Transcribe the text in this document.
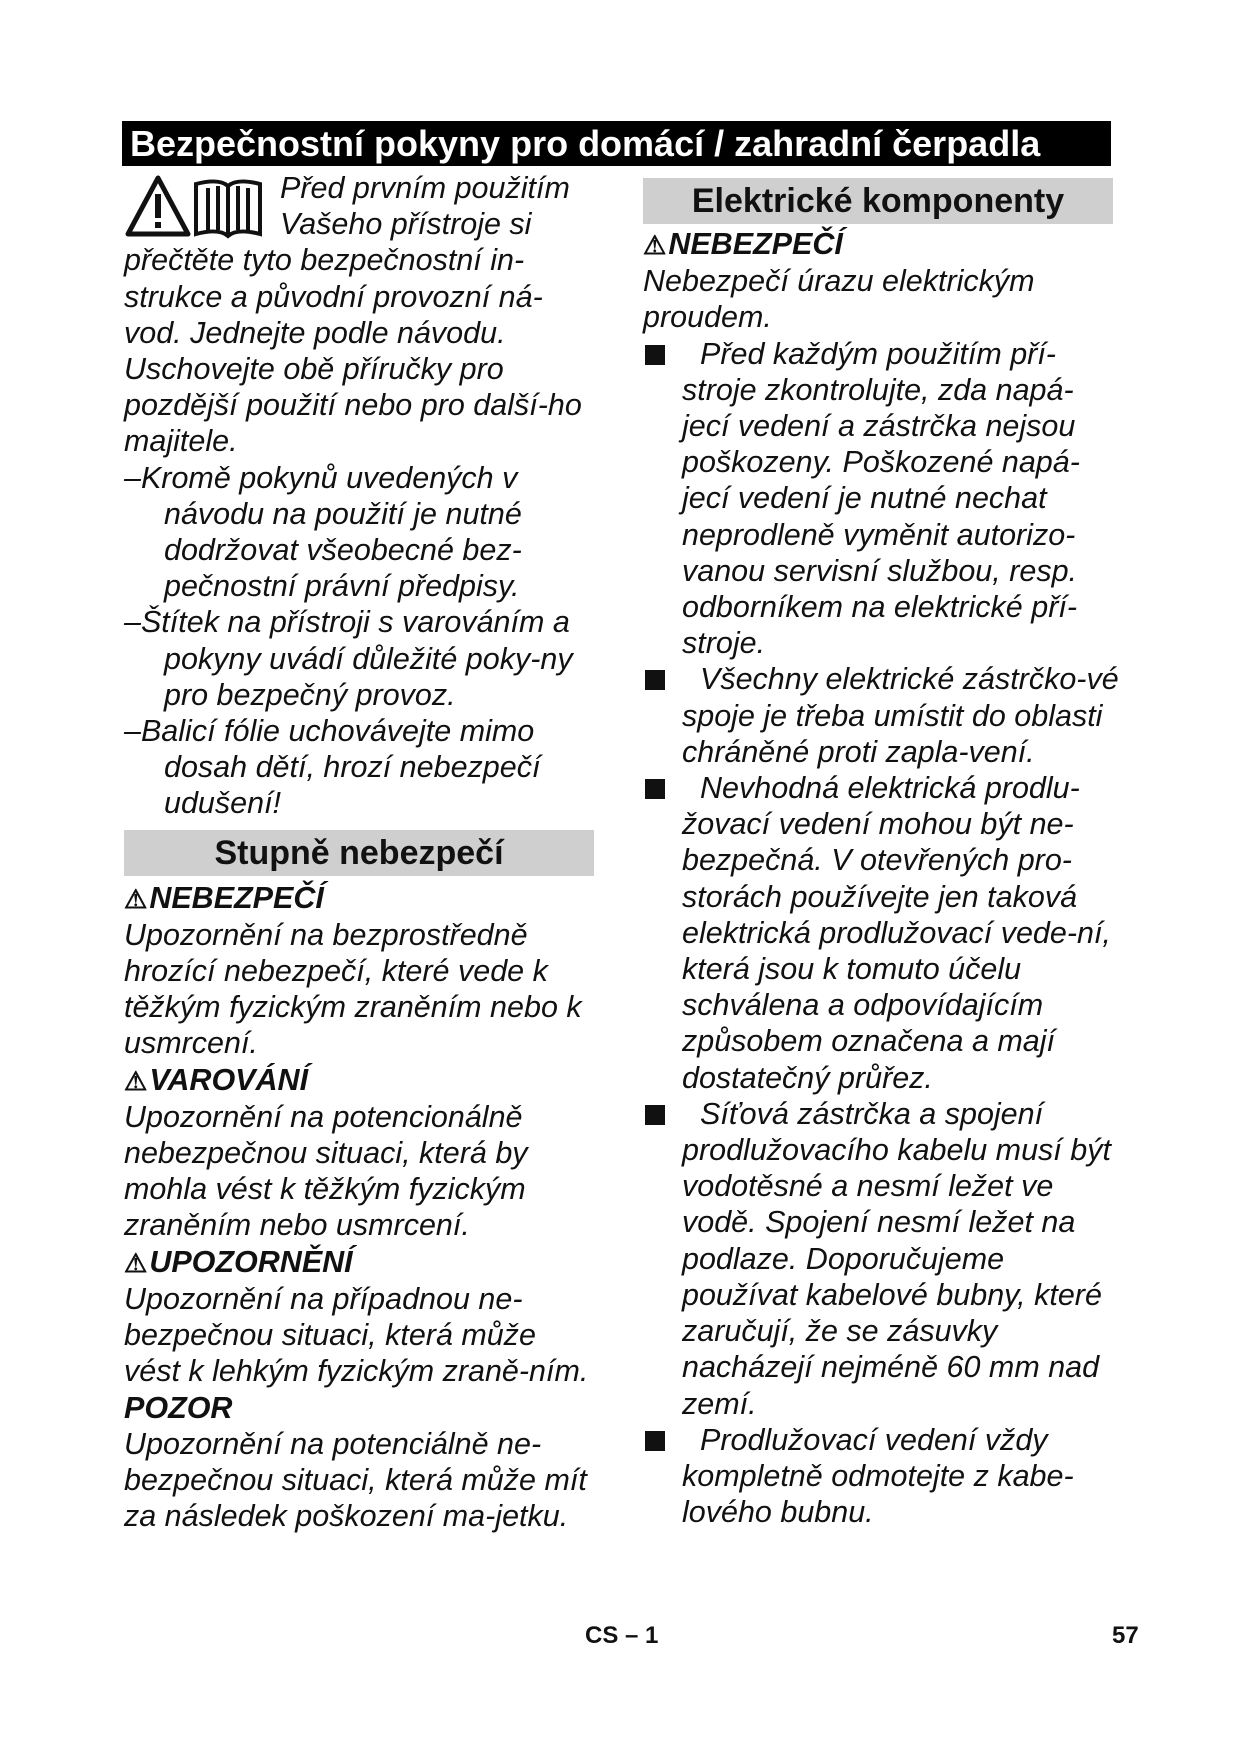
Bezpečnostní pokyny pro domácí / zahradní čerpadla

Před prvním použitím

Vašeho přístroje si

přečtěte tyto bezpečnostní in-strukce a původní provozní ná-vod. Jednejte podle návodu. Uschovejte obě příručky pro pozdější použití nebo pro další-ho majitele.

–Kromě pokynů uvedených v návodu na použití je nutné dodržovat všeobecné bez-pečnostní právní předpisy.

–Štítek na přístroji s varováním a pokyny uvádí důležité poky-ny pro bezpečný provoz.

–Balicí fólie uchovávejte mimo dosah dětí, hrozí nebezpečí udušení!

Stupně nebezpečí

⚠NEBEZPEČÍ

Upozornění na bezprostředně hrozící nebezpečí, které vede k těžkým fyzickým zraněním nebo k usmrcení.

⚠VAROVÁNÍ

Upozornění na potencionálně nebezpečnou situaci, která by mohla vést k těžkým fyzickým zraněním nebo usmrcení.

⚠UPOZORNĚNÍ

Upozornění na případnou ne-bezpečnou situaci, která může vést k lehkým fyzickým zraně-ním.

POZOR

Upozornění na potenciálně ne-bezpečnou situaci, která může mít za následek poškození ma-jetku.

Elektrické komponenty

⚠NEBEZPEČÍ

Nebezpečí úrazu elektrickým proudem.

Před každým použitím pří-stroje zkontrolujte, zda napá-jecí vedení a zástrčka nejsou poškozeny. Poškozené napá-jecí vedení je nutné nechat neprodleně vyměnit autorizo-vanou servisní službou, resp. odborníkem na elektrické pří-stroje.

Všechny elektrické zástrčko-vé spoje je třeba umístit do oblasti chráněné proti zapla-vení.

Nevhodná elektrická prodlu-žovací vedení mohou být ne-bezpečná. V otevřených pro-storách používejte jen taková elektrická prodlužovací vede-ní, která jsou k tomuto účelu schválena a odpovídajícím způsobem označena a mají dostatečný průřez.

Síťová zástrčka a spojení prodlužovacího kabelu musí být vodotěsné a nesmí ležet ve vodě. Spojení nesmí ležet na podlaze. Doporučujeme používat kabelové bubny, které zaručují, že se zásuvky nacházejí nejméně 60 mm nad zemí.

Prodlužovací vedení vždy kompletně odmotejte z kabe-lového bubnu.

CS – 1	57
